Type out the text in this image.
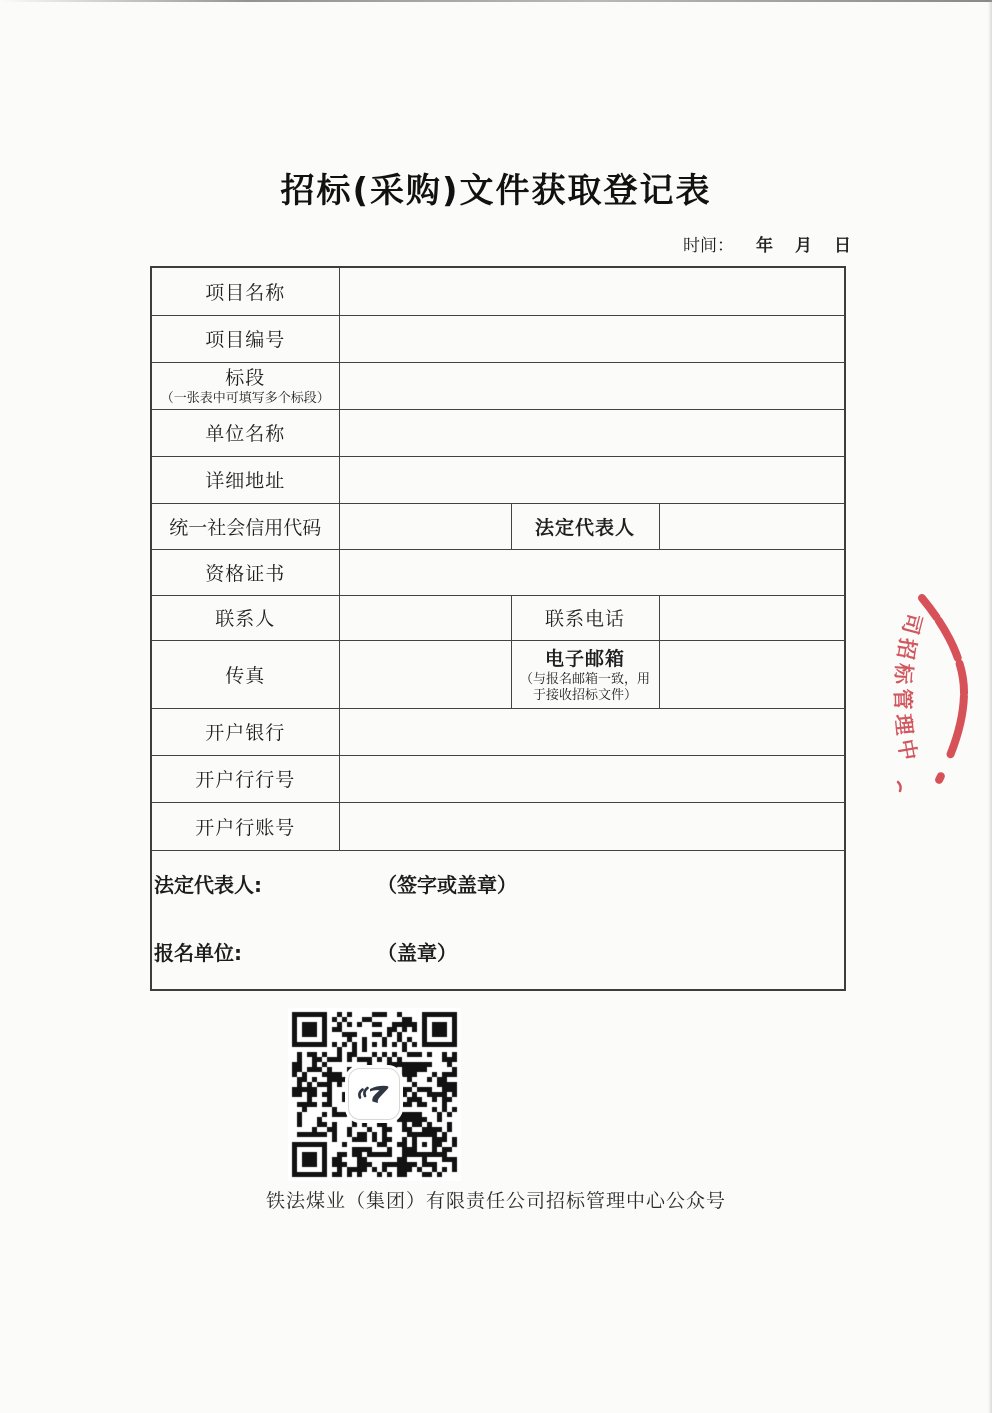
招标(采购)文件获取登记表
时间： 年 月 日
项目名称			
项目编号			
标段
（一张表中可填写多个标段）			

单位名称			
详细地址			
统一社会信用代码		法定代表人	
资格证书			
联系人		联系电话	
传真		电子邮箱
（与报名邮箱一致，用于接收招标文件）	

开户银行			
开户行行号			
开户行账号			

法定代表人: （签字或盖章）
报名单位: （盖章）			
铁法煤业（集团）有限责任公司招标管理中心公众号
司招标管理中
